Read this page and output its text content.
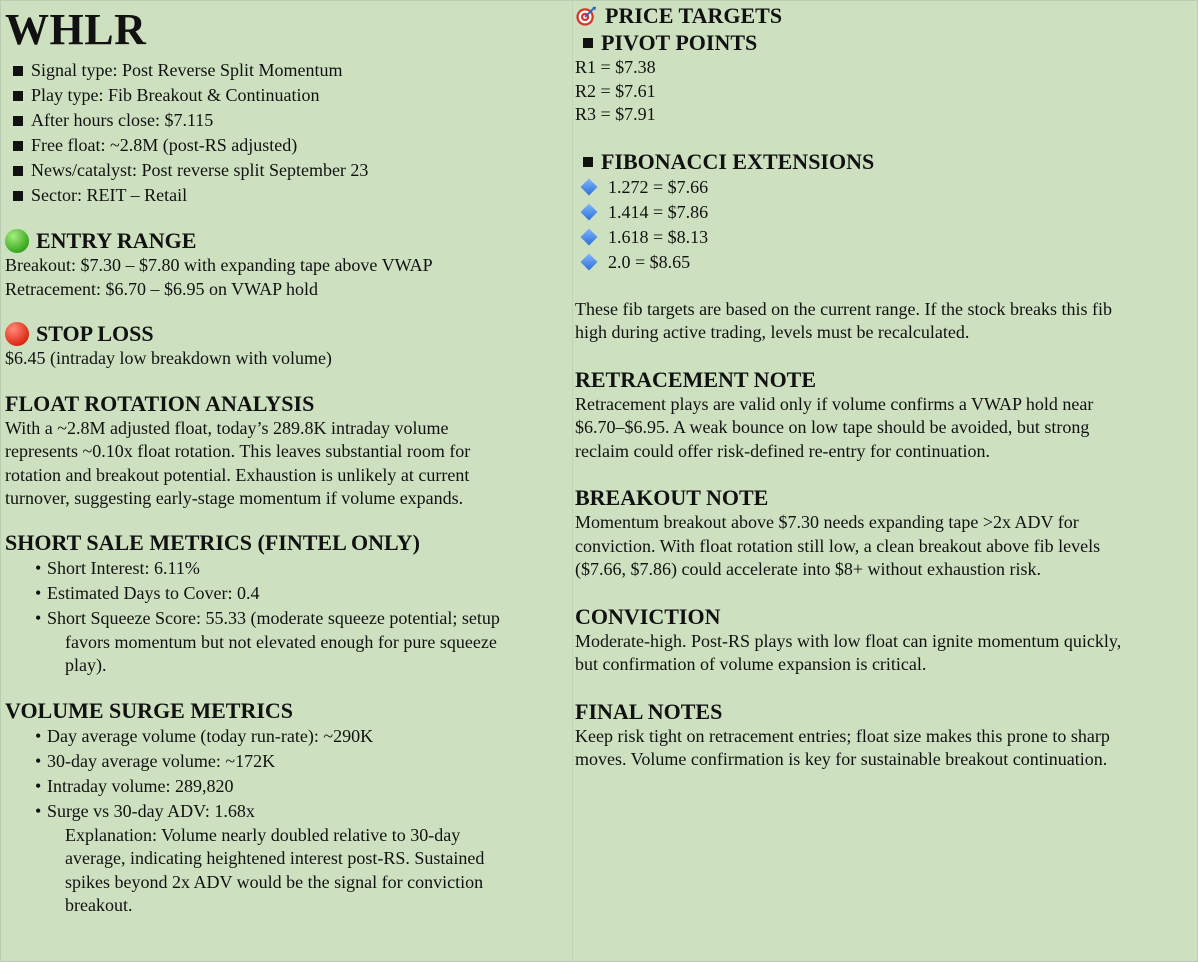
WHLR
Signal type: Post Reverse Split Momentum
Play type: Fib Breakout & Continuation
After hours close: $7.115
Free float: ~2.8M (post-RS adjusted)
News/catalyst: Post reverse split September 23
Sector: REIT – Retail
ENTRY RANGE
Breakout: $7.30 – $7.80 with expanding tape above VWAP
Retracement: $6.70 – $6.95 on VWAP hold
STOP LOSS
$6.45 (intraday low breakdown with volume)
FLOAT ROTATION ANALYSIS
With a ~2.8M adjusted float, today’s 289.8K intraday volume
represents ~0.10x float rotation. This leaves substantial room for
rotation and breakout potential. Exhaustion is unlikely at current
turnover, suggesting early-stage momentum if volume expands.
SHORT SALE METRICS (FINTEL ONLY)
• Short Interest: 6.11%
• Estimated Days to Cover: 0.4
• Short Squeeze Score: 55.33 (moderate squeeze potential; setup
favors momentum but not elevated enough for pure squeeze
play).
VOLUME SURGE METRICS
• Day average volume (today run-rate): ~290K
• 30-day average volume: ~172K
• Intraday volume: 289,820
• Surge vs 30-day ADV: 1.68x
Explanation: Volume nearly doubled relative to 30-day
average, indicating heightened interest post-RS. Sustained
spikes beyond 2x ADV would be the signal for conviction
breakout.
PRICE TARGETS
PIVOT POINTS
R1 = $7.38
R2 = $7.61
R3 = $7.91
FIBONACCI EXTENSIONS
1.272 = $7.66
1.414 = $7.86
1.618 = $8.13
2.0 = $8.65
These fib targets are based on the current range. If the stock breaks this fib
high during active trading, levels must be recalculated.
RETRACEMENT NOTE
Retracement plays are valid only if volume confirms a VWAP hold near
$6.70–$6.95. A weak bounce on low tape should be avoided, but strong
reclaim could offer risk-defined re-entry for continuation.
BREAKOUT NOTE
Momentum breakout above $7.30 needs expanding tape >2x ADV for
conviction. With float rotation still low, a clean breakout above fib levels
($7.66, $7.86) could accelerate into $8+ without exhaustion risk.
CONVICTION
Moderate-high. Post-RS plays with low float can ignite momentum quickly,
but confirmation of volume expansion is critical.
FINAL NOTES
Keep risk tight on retracement entries; float size makes this prone to sharp
moves. Volume confirmation is key for sustainable breakout continuation.
